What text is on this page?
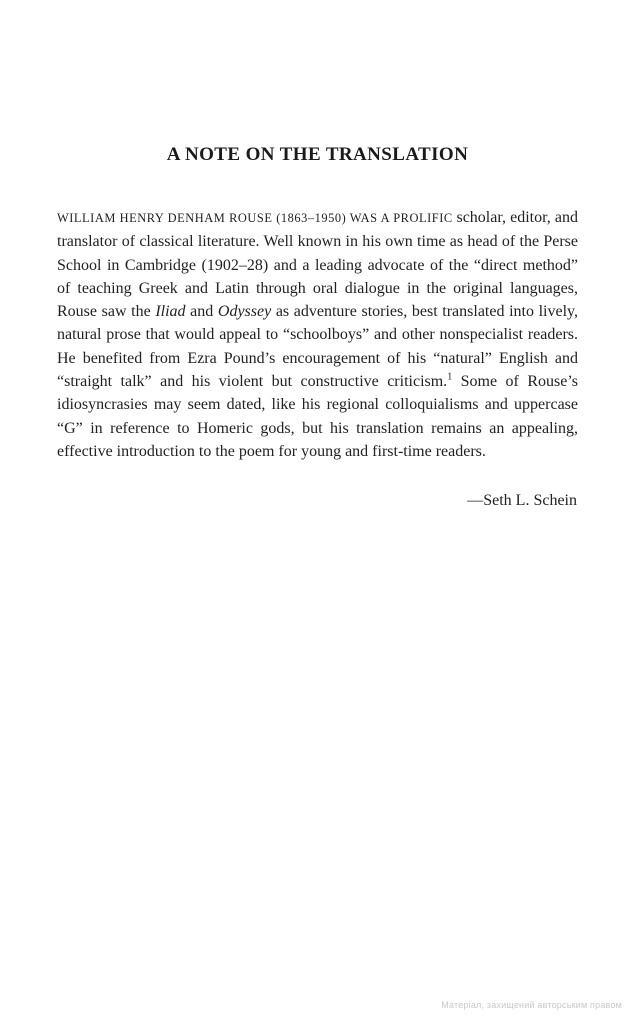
A NOTE ON THE TRANSLATION

WILLIAM HENRY DENHAM ROUSE (1863–1950) WAS A PROLIFIC scholar, editor, and translator of classical literature. Well known in his own time as head of the Perse School in Cambridge (1902–28) and a leading advocate of the “direct method” of teaching Greek and Latin through oral dialogue in the original languages, Rouse saw the Iliad and Odyssey as adventure stories, best translated into lively, natural prose that would appeal to “schoolboys” and other nonspecialist readers. He benefited from Ezra Pound’s encouragement of his “natural” English and “straight talk” and his violent but constructive criticism.$^1$ Some of Rouse’s idiosyncrasies may seem dated, like his regional colloquialisms and uppercase “G” in reference to Homeric gods, but his translation remains an appealing, effective introduction to the poem for young and first-time readers.

—Seth L. Schein
Матеріал, захищений авторським правом
